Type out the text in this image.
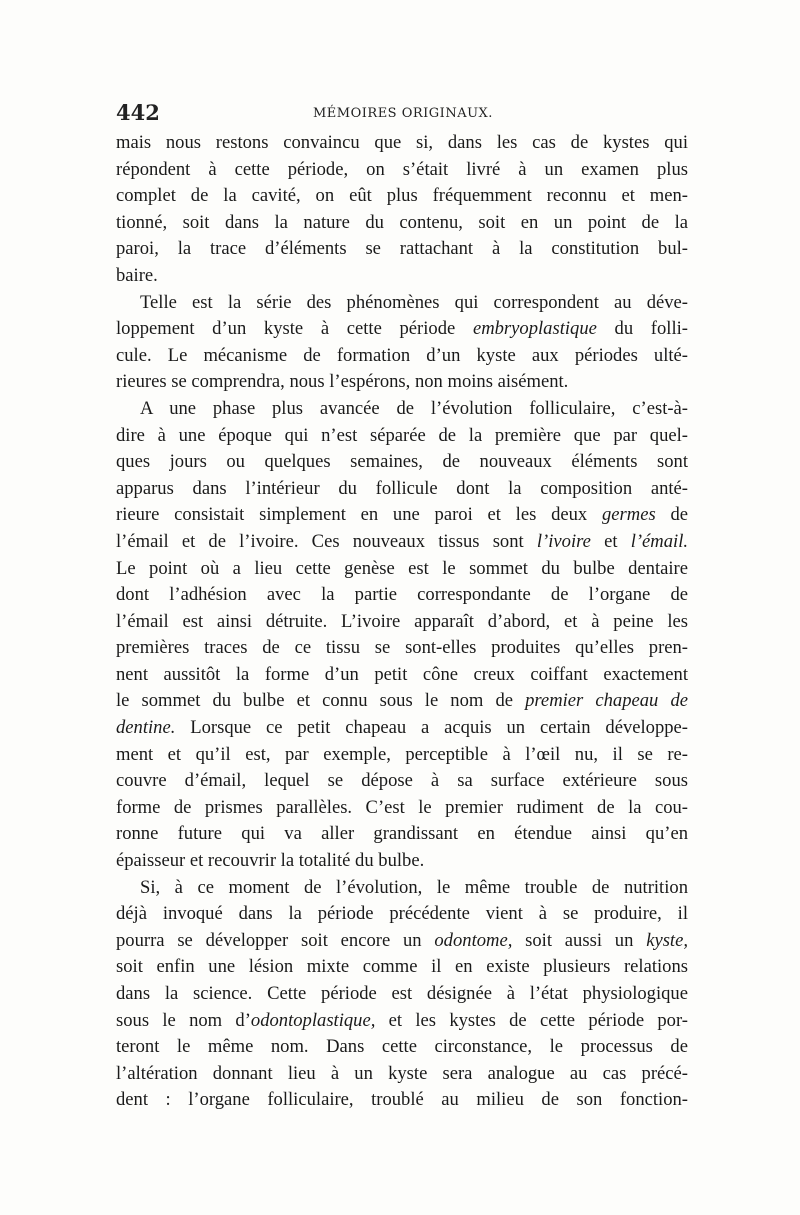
442	MÉMOIRES ORIGINAUX.
mais nous restons convaincu que si, dans les cas de kystes qui
répondent à cette période, on s’était livré à un examen plus
complet de la cavité, on eût plus fréquemment reconnu et men-
tionné, soit dans la nature du contenu, soit en un point de la
paroi, la trace d’éléments se rattachant à la constitution bul-
baire.
Telle est la série des phénomènes qui correspondent au déve-
loppement d’un kyste à cette période embryoplastique du folli-
cule. Le mécanisme de formation d’un kyste aux périodes ulté-
rieures se comprendra, nous l’espérons, non moins aisément.
A une phase plus avancée de l’évolution folliculaire, c’est-à-
dire à une époque qui n’est séparée de la première que par quel-
ques jours ou quelques semaines, de nouveaux éléments sont
apparus dans l’intérieur du follicule dont la composition anté-
rieure consistait simplement en une paroi et les deux germes de
l’émail et de l’ivoire. Ces nouveaux tissus sont l’ivoire et l’émail.
Le point où a lieu cette genèse est le sommet du bulbe dentaire
dont l’adhésion avec la partie correspondante de l’organe de
l’émail est ainsi détruite. L’ivoire apparaît d’abord, et à peine les
premières traces de ce tissu se sont-elles produites qu’elles pren-
nent aussitôt la forme d’un petit cône creux coiffant exactement
le sommet du bulbe et connu sous le nom de premier chapeau de
dentine. Lorsque ce petit chapeau a acquis un certain développe-
ment et qu’il est, par exemple, perceptible à l’œil nu, il se re-
couvre d’émail, lequel se dépose à sa surface extérieure sous
forme de prismes parallèles. C’est le premier rudiment de la cou-
ronne future qui va aller grandissant en étendue ainsi qu’en
épaisseur et recouvrir la totalité du bulbe.
Si, à ce moment de l’évolution, le même trouble de nutrition
déjà invoqué dans la période précédente vient à se produire, il
pourra se développer soit encore un odontome, soit aussi un kyste,
soit enfin une lésion mixte comme il en existe plusieurs relations
dans la science. Cette période est désignée à l’état physiologique
sous le nom d’odontoplastique, et les kystes de cette période por-
teront le même nom. Dans cette circonstance, le processus de
l’altération donnant lieu à un kyste sera analogue au cas précé-
dent : l’organe folliculaire, troublé au milieu de son fonction-
